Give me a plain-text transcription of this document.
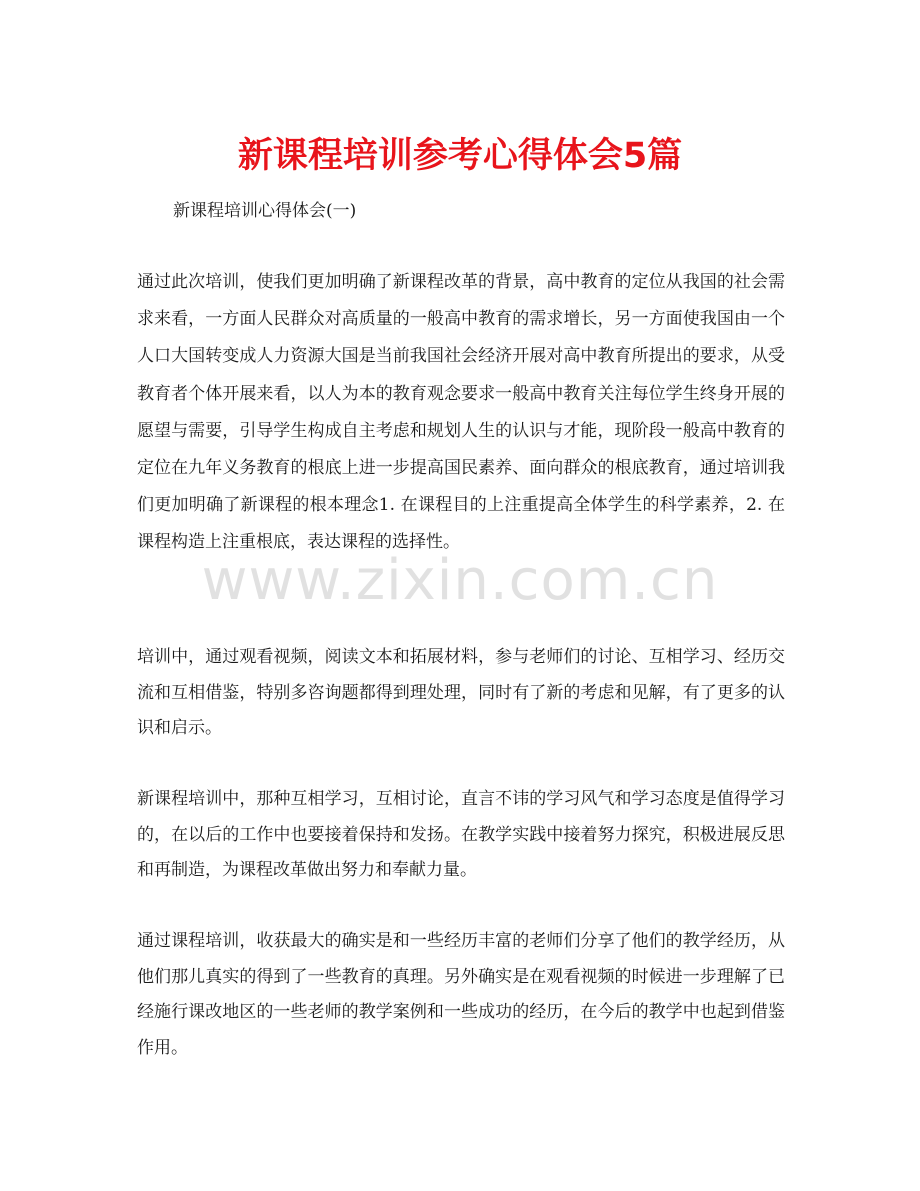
新课程培训参考心得体会5篇

新课程培训心得体会(一)

通过此次培训，使我们更加明确了新课程改革的背景，高中教育的定位从我国的社会需求来看，一方面人民群众对高质量的一般高中教育的需求增长，另一方面使我国由一个人口大国转变成人力资源大国是当前我国社会经济开展对高中教育所提出的要求，从受教育者个体开展来看，以人为本的教育观念要求一般高中教育关注每位学生终身开展的愿望与需要，引导学生构成自主考虑和规划人生的认识与才能，现阶段一般高中教育的定位在九年义务教育的根底上进一步提高国民素养、面向群众的根底教育，通过培训我们更加明确了新课程的根本理念1. 在课程目的上注重提高全体学生的科学素养，2. 在课程构造上注重根底，表达课程的选择性。

培训中，通过观看视频，阅读文本和拓展材料，参与老师们的讨论、互相学习、经历交流和互相借鉴，特别多咨询题都得到理处理，同时有了新的考虑和见解，有了更多的认识和启示。

新课程培训中，那种互相学习，互相讨论，直言不讳的学习风气和学习态度是值得学习的，在以后的工作中也要接着保持和发扬。在教学实践中接着努力探究，积极进展反思和再制造，为课程改革做出努力和奉献力量。

通过课程培训，收获最大的确实是和一些经历丰富的老师们分享了他们的教学经历，从他们那儿真实的得到了一些教育的真理。另外确实是在观看视频的时候进一步理解了已经施行课改地区的一些老师的教学案例和一些成功的经历，在今后的教学中也起到借鉴作用。

www.zixin.com.cn
